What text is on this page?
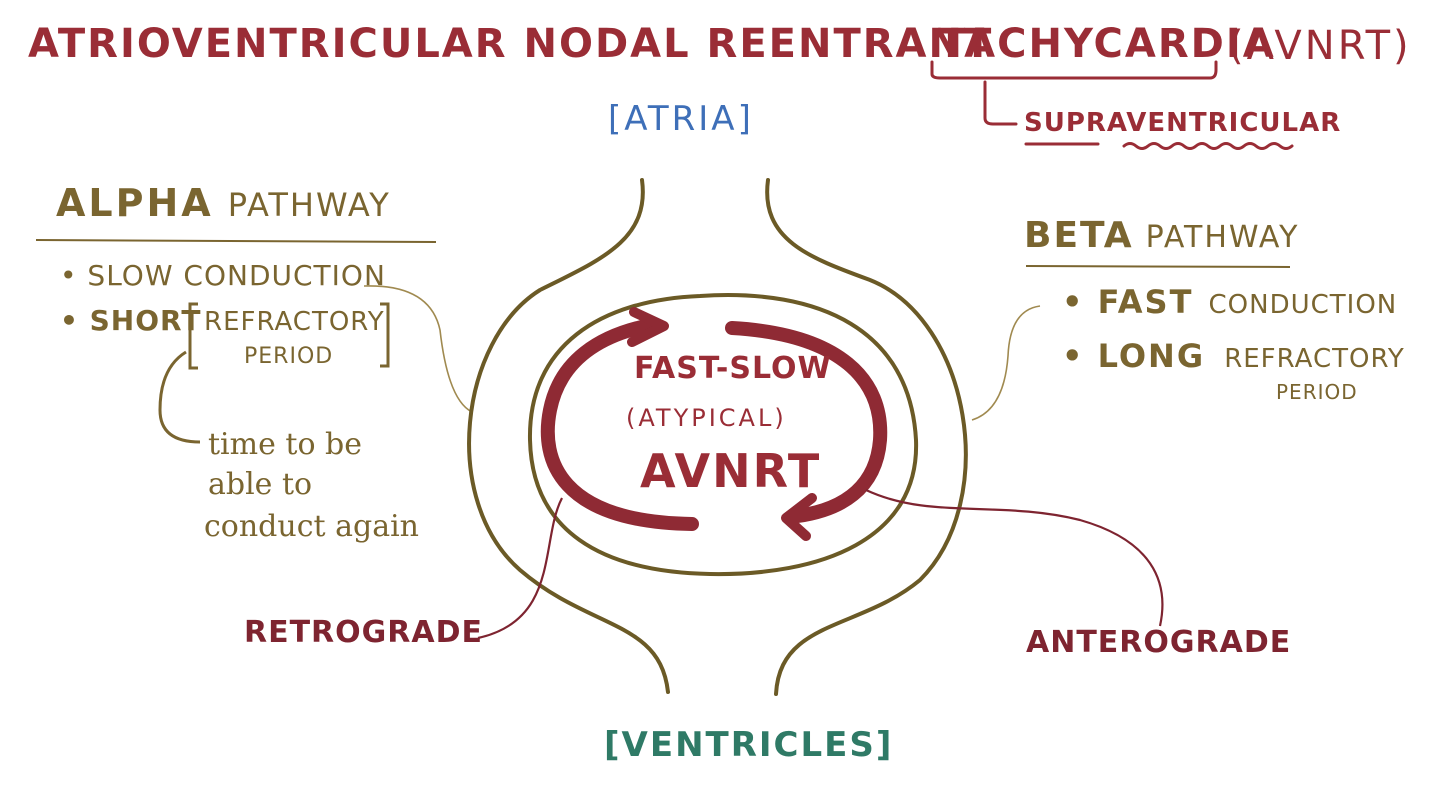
ATRIOVENTRICULAR NODAL REENTRANT
TACHYCARDIA
(AVNRT)
SUPRAVENTRICULAR
[ATRIA]
[VENTRICLES]
ALPHA PATHWAY
• SLOW CONDUCTION
• SHORT REFRACTORY
PERIOD
time to be
able to
conduct again
BETA PATHWAY
• FAST CONDUCTION
• LONG REFRACTORY
PERIOD
FAST-SLOW
(ATYPICAL)
AVNRT
RETROGRADE	ANTEROGRADE
